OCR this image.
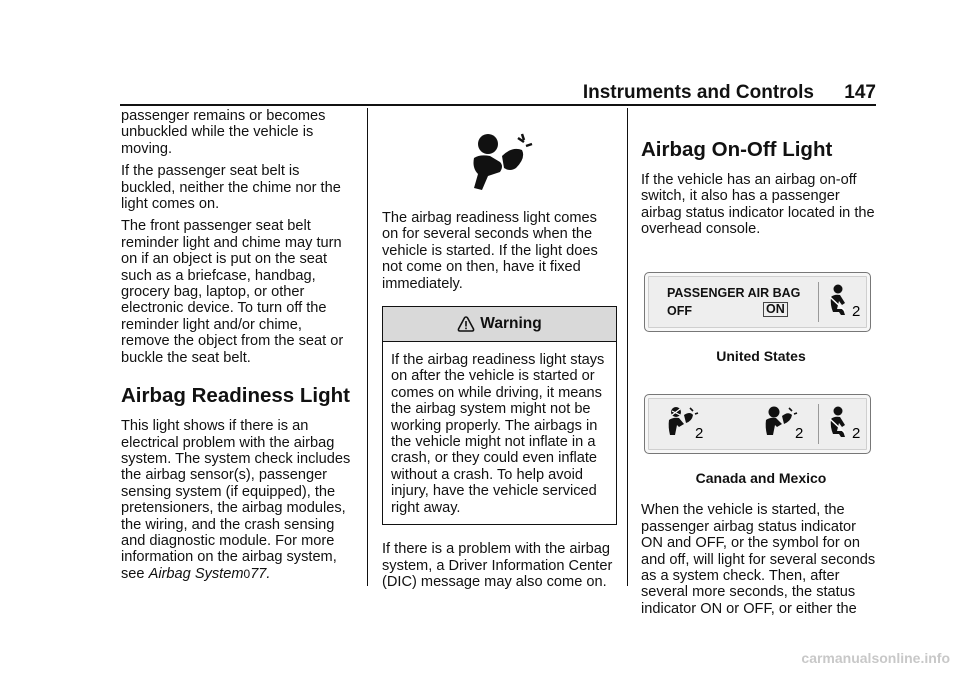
Instruments and Controls 147

passenger remains or becomes unbuckled while the vehicle is moving.

If the passenger seat belt is buckled, neither the chime nor the light comes on.

The front passenger seat belt reminder light and chime may turn on if an object is put on the seat such as a briefcase, handbag, grocery bag, laptop, or other electronic device. To turn off the reminder light and/or chime, remove the object from the seat or buckle the seat belt.

Airbag Readiness Light

This light shows if there is an electrical problem with the airbag system. The system check includes the airbag sensor(s), passenger sensing system (if equipped), the pretensioners, the airbag modules, the wiring, and the crash sensing and diagnostic module. For more information on the airbag system, see Airbag System077.

The airbag readiness light comes on for several seconds when the vehicle is started. If the light does not come on then, have it fixed immediately.

Warning

If the airbag readiness light stays on after the vehicle is started or comes on while driving, it means the airbag system might not be working properly. The airbags in the vehicle might not inflate in a crash, or they could even inflate without a crash. To help avoid injury, have the vehicle serviced right away.

If there is a problem with the airbag system, a Driver Information Center (DIC) message may also come on.

Airbag On-Off Light

If the vehicle has an airbag on-off switch, it also has a passenger airbag status indicator located in the overhead console.

PASSENGER AIR BAG
OFF	ON	2
United States
2	2	2
Canada and Mexico

When the vehicle is started, the passenger airbag status indicator ON and OFF, or the symbol for on and off, will light for several seconds as a system check. Then, after several more seconds, the status indicator ON or OFF, or either the

carmanualsonline.info
